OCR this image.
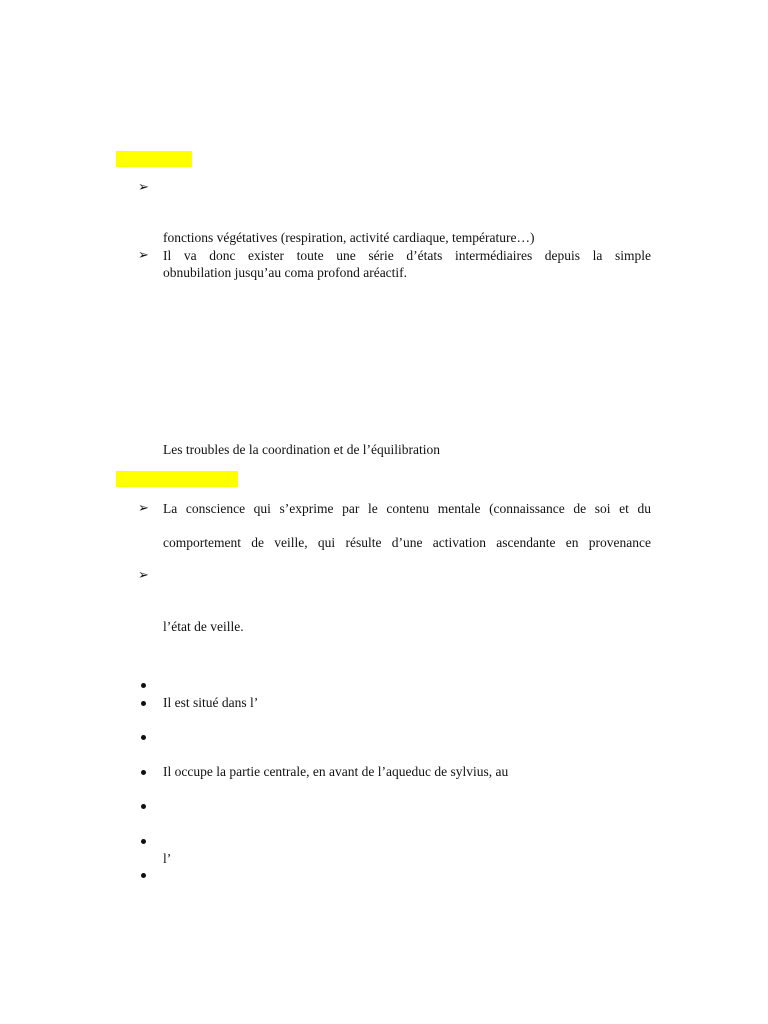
➢
fonctions végétatives (respiration, activité cardiaque, température…)
➢ Il va donc exister toute une série d’états intermédiaires depuis la simple
obnubilation jusqu’au coma profond aréactif.
Les troubles de la coordination et de l’équilibration
➢ La conscience qui s’exprime par le contenu mentale (connaissance de soi et du
comportement de veille, qui résulte d’une activation ascendante en provenance
➢
l’état de veille.
Il est situé dans l’
Il occupe la partie centrale, en avant de l’aqueduc de sylvius, au
l’
